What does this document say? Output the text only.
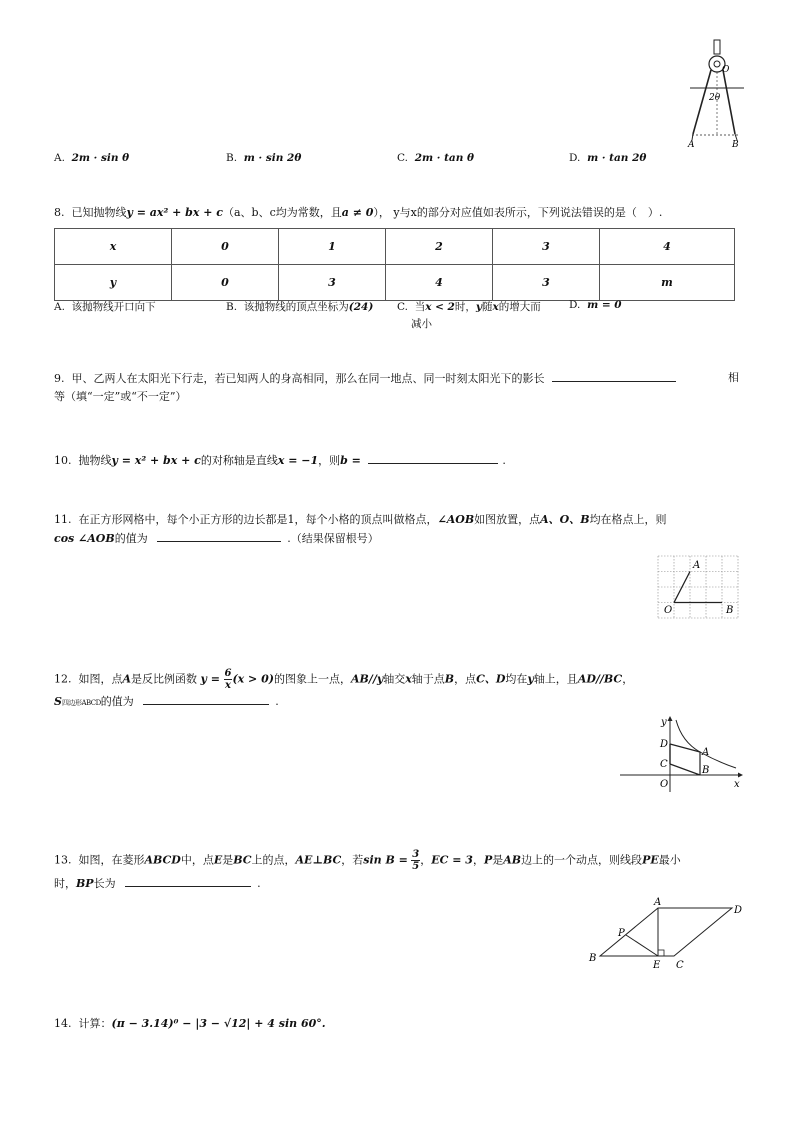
O
2θ
A	B
A. 2m · sin θ	B. m · sin 2θ	C. 2m · tan θ	D. m · tan 2θ
8. 已知抛物线y = ax² + bx + c（a、b、c均为常数，且a ≠ 0）， y与x的部分对应值如表所示，下列说法错误的是（　）.
x	0	1	2	3	4
y	0	3	4	3	m
A. 该抛物线开口向下	B. 该抛物线的顶点坐标为(24) C. 当x < 2时，y随x的增大而
减小
D. m = 0
9. 甲、乙两人在太阳光下行走，若已知两人的身高相同，那么在同一地点、同一时刻太阳光下的影长	相
等（填“一定”或“不一定”）
10. 抛物线y = x² + bx + c的对称轴是直线x = −1，则b =	.
11. 在正方形网格中，每个小正方形的边长都是1，每个小格的顶点叫做格点，∠AOB如图放置，点A、O、B均在格点上，则
cos ∠AOB的值为	.（结果保留根号）
A
O	B
12. 如图，点A是反比例函数 $y = \frac{6}{x} (x > 0)$的图象上一点，AB//y轴交x轴于点B，点C、D均在y轴上，且AD//BC，
S四边形ABCD的值为	.
y
D
C
O
A
B
x
13. 如图，在菱形ABCD中，点E是BC上的点，AE⊥BC，若$\sin B = \frac{3}{5}$ ，EC = 3，P是AB边上的一个动点，则线段PE最小
时，BP长为	.
A
D
P
B
E C
14. 计算：(π − 3.14)⁰ − |3 − √12| + 4 sin 60°.
